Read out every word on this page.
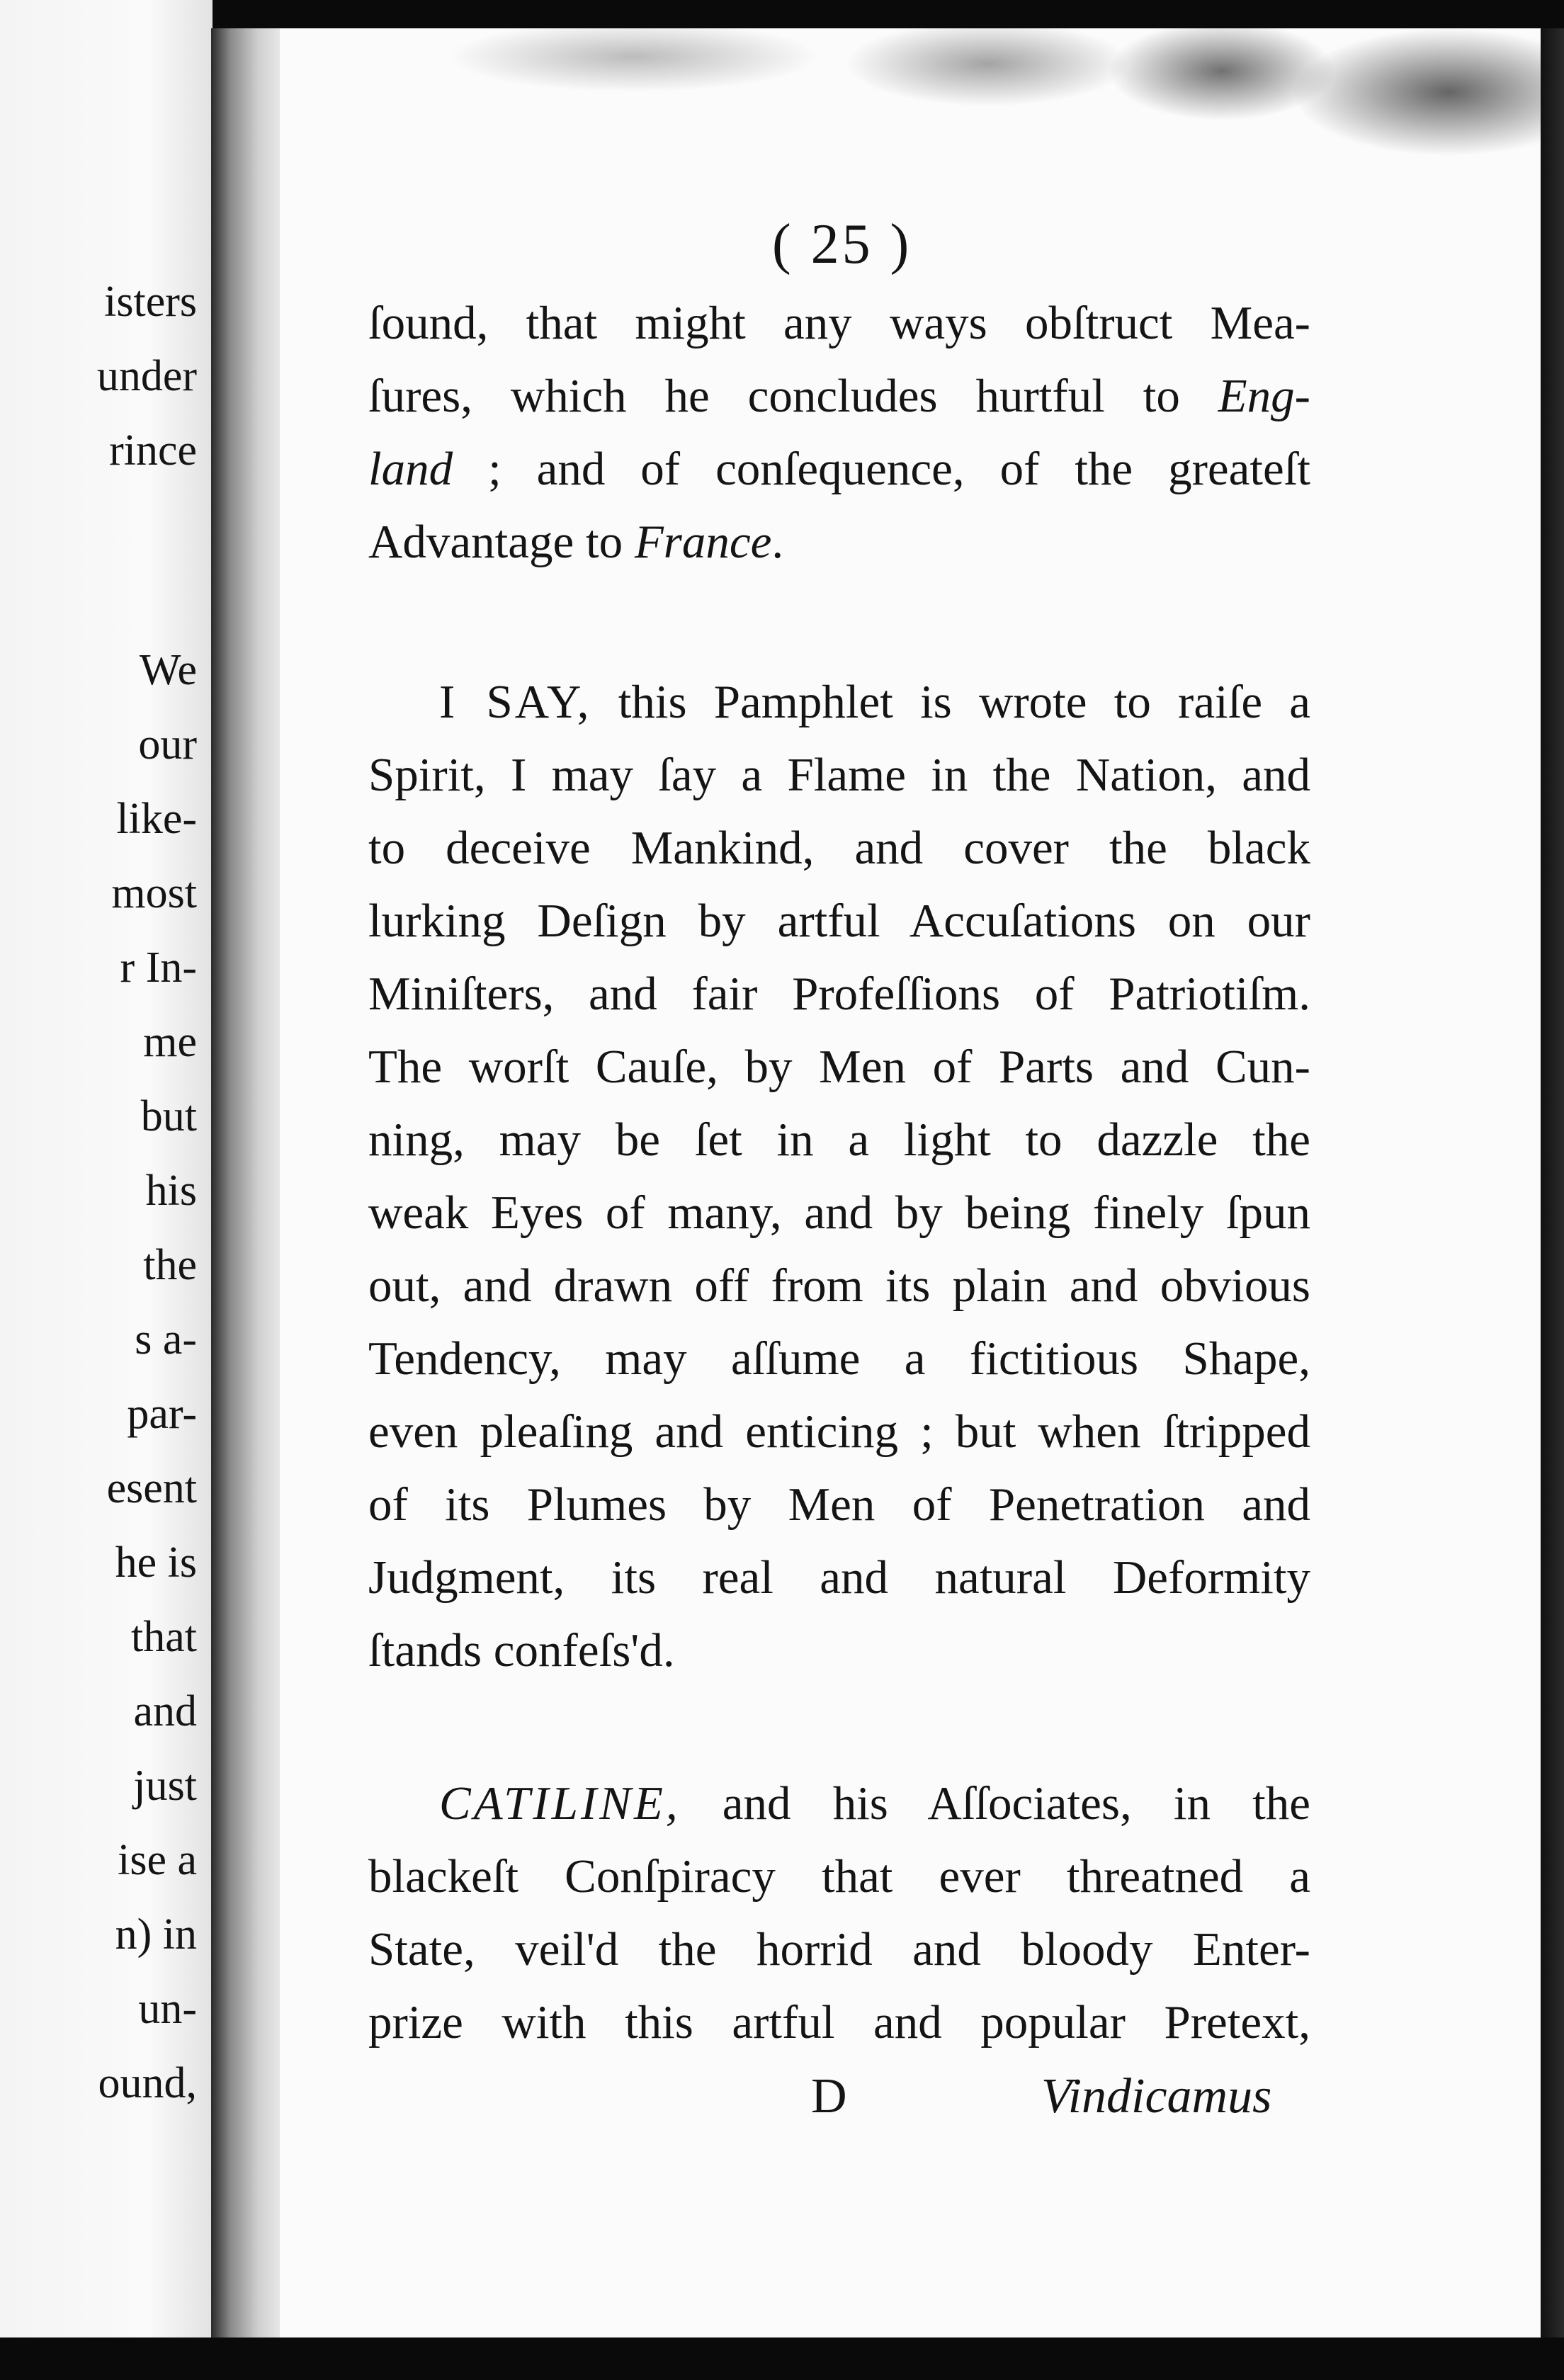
isters

under

rince

We

our

like-

most

r In-

me

but

his

the

s a-

par-

esent

he is

that

and

just

ise a

n) in

un-

ound,

( 25 )

ſound, that might any ways obſtruct Mea-
ſures, which he concludes hurtful to Eng-
land ; and of conſequence, of the greateſt
Advantage to France.

I SAY, this Pamphlet is wrote to raiſe a
Spirit, I may ſay a Flame in the Nation, and
to deceive Mankind, and cover the black
lurking Deſign by artful Accuſations on our
Miniſters, and fair Profeſſions of Patriotiſm.
The worſt Cauſe, by Men of Parts and Cun-
ning, may be ſet in a light to dazzle the
weak Eyes of many, and by being finely ſpun
out, and drawn off from its plain and obvious
Tendency, may aſſume a fictitious Shape,
even pleaſing and enticing ; but when ſtripped
of its Plumes by Men of Penetration and
Judgment, its real and natural Deformity
ſtands confeſs'd.

CATILINE, and his Aſſociates, in the
blackeſt Conſpiracy that ever threatned a
State, veil'd the horrid and bloody Enter-
prize with this artful and popular Pretext,

D	Vindicamus
